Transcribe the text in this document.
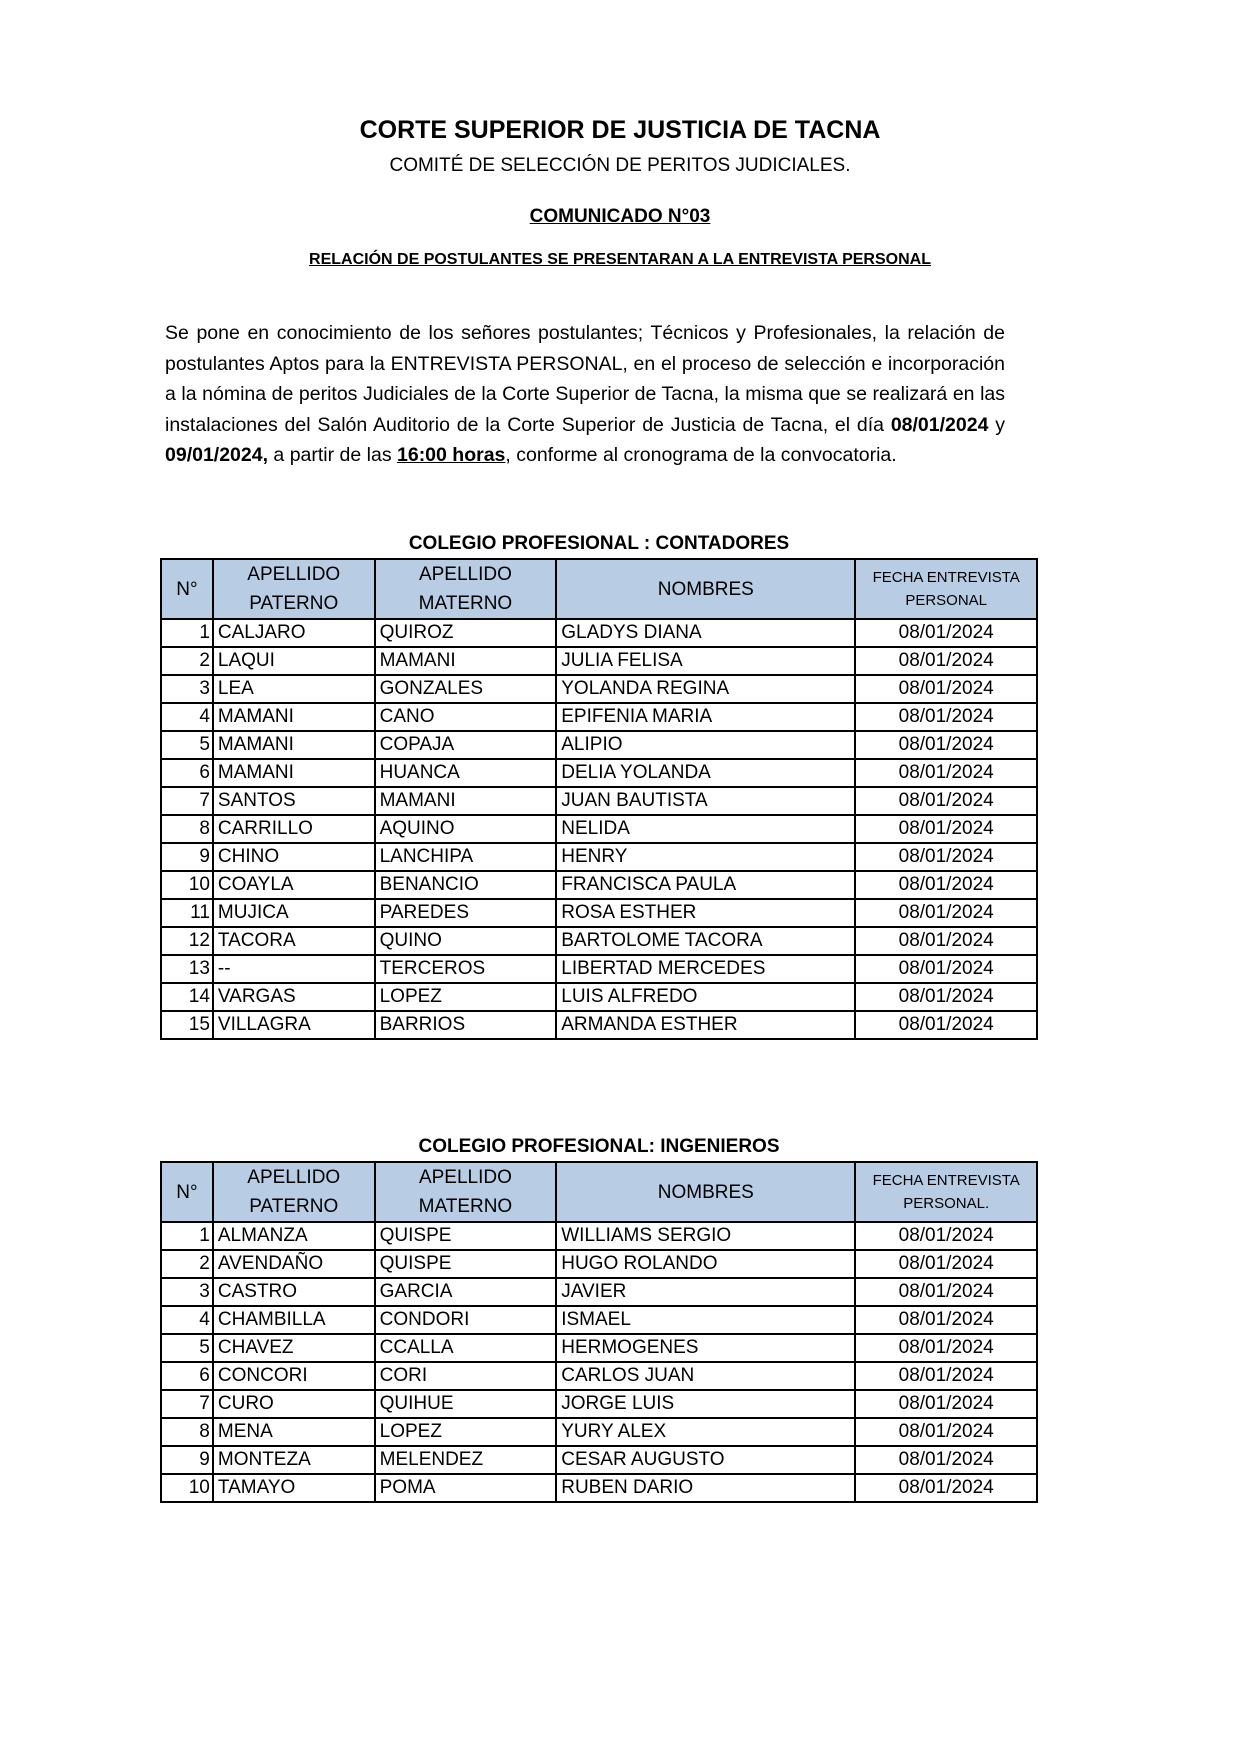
CORTE SUPERIOR DE JUSTICIA DE TACNA
COMITÉ DE SELECCIÓN DE PERITOS JUDICIALES.
COMUNICADO N°03
RELACIÓN DE POSTULANTES SE PRESENTARAN A LA ENTREVISTA PERSONAL
Se pone en conocimiento de los señores postulantes; Técnicos y Profesionales, la relación de postulantes Aptos para la ENTREVISTA PERSONAL, en el proceso de selección e incorporación a la nómina de peritos Judiciales de la Corte Superior de Tacna, la misma que se realizará en las instalaciones del Salón Auditorio de la Corte Superior de Justicia de Tacna, el día 08/01/2024 y 09/01/2024, a partir de las 16:00 horas, conforme al cronograma de la convocatoria.
COLEGIO PROFESIONAL : CONTADORES
N°	APELLIDO PATERNO	APELLIDO MATERNO	NOMBRES	FECHA ENTREVISTA PERSONAL
1	CALJARO	QUIROZ	GLADYS DIANA	08/01/2024
2	LAQUI	MAMANI	JULIA FELISA	08/01/2024
3	LEA	GONZALES	YOLANDA REGINA	08/01/2024
4	MAMANI	CANO	EPIFENIA MARIA	08/01/2024
5	MAMANI	COPAJA	ALIPIO	08/01/2024
6	MAMANI	HUANCA	DELIA YOLANDA	08/01/2024
7	SANTOS	MAMANI	JUAN BAUTISTA	08/01/2024
8	CARRILLO	AQUINO	NELIDA	08/01/2024
9	CHINO	LANCHIPA	HENRY	08/01/2024
10	COAYLA	BENANCIO	FRANCISCA PAULA	08/01/2024
11	MUJICA	PAREDES	ROSA ESTHER	08/01/2024
12	TACORA	QUINO	BARTOLOME TACORA	08/01/2024
13	--	TERCEROS	LIBERTAD MERCEDES	08/01/2024
14	VARGAS	LOPEZ	LUIS ALFREDO	08/01/2024
15	VILLAGRA	BARRIOS	ARMANDA ESTHER	08/01/2024
COLEGIO PROFESIONAL: INGENIEROS
N°	APELLIDO PATERNO	APELLIDO MATERNO	NOMBRES	FECHA ENTREVISTA PERSONAL.
1	ALMANZA	QUISPE	WILLIAMS SERGIO	08/01/2024
2	AVENDAÑO	QUISPE	HUGO ROLANDO	08/01/2024
3	CASTRO	GARCIA	JAVIER	08/01/2024
4	CHAMBILLA	CONDORI	ISMAEL	08/01/2024
5	CHAVEZ	CCALLA	HERMOGENES	08/01/2024
6	CONCORI	CORI	CARLOS JUAN	08/01/2024
7	CURO	QUIHUE	JORGE LUIS	08/01/2024
8	MENA	LOPEZ	YURY ALEX	08/01/2024
9	MONTEZA	MELENDEZ	CESAR AUGUSTO	08/01/2024
10	TAMAYO	POMA	RUBEN DARIO	08/01/2024
